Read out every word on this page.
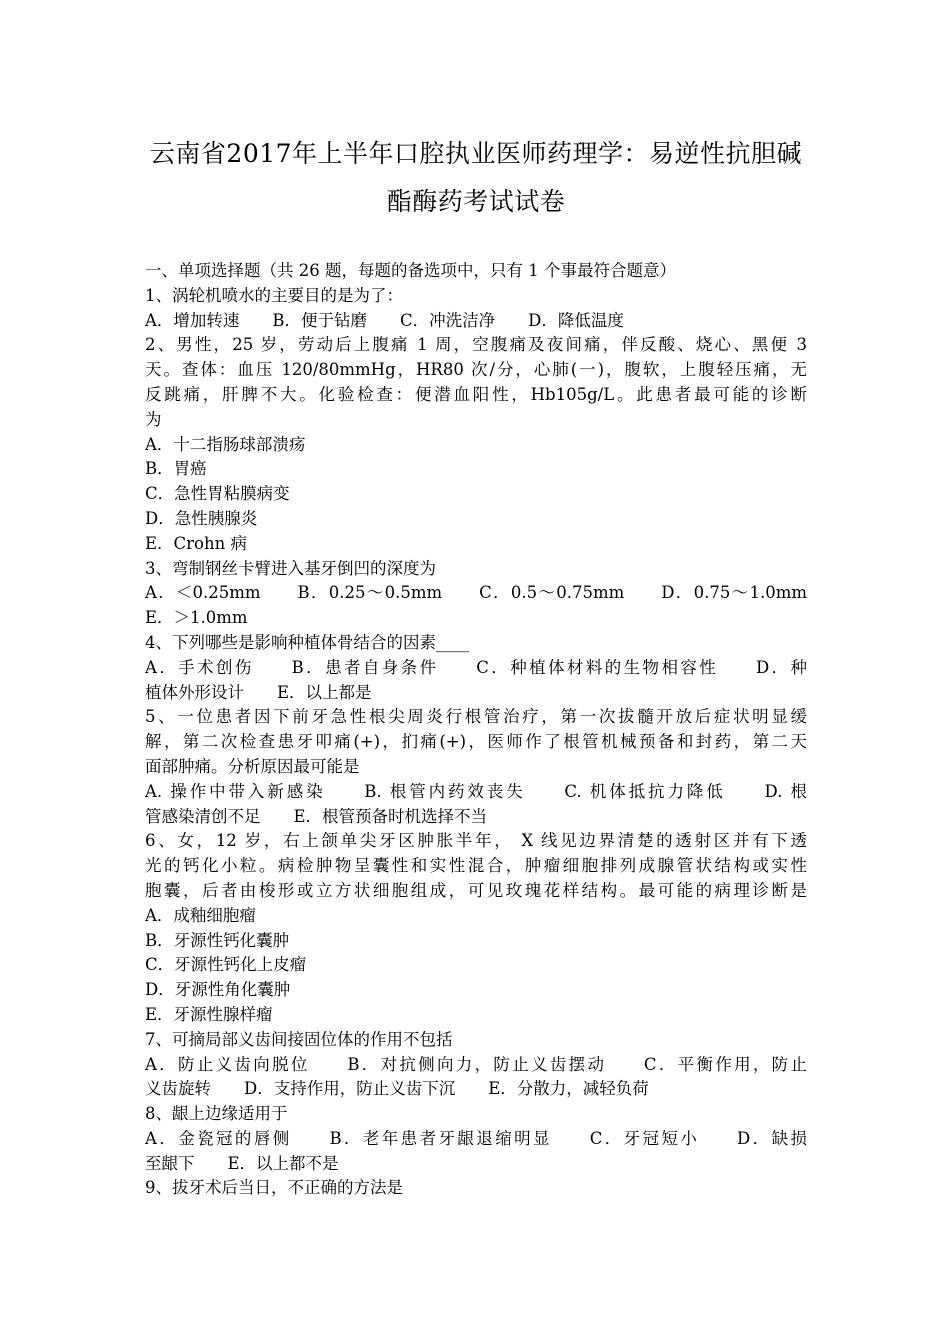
云南省2017年上半年口腔执业医师药理学：易逆性抗胆碱
酯酶药考试试卷
一、单项选择题（共 26 题，每题的备选项中，只有 1 个事最符合题意）
1、涡轮机喷水的主要目的是为了：
A．增加转速　　B．便于钻磨　　C．冲洗洁净　　D．降低温度
2、男性，25 岁，劳动后上腹痛 1 周，空腹痛及夜间痛，伴反酸、烧心、黑便 3
天。查体：血压 120/80mmHg，HR80 次/分，心肺(一)，腹软，上腹轻压痛，无
反跳痛，肝脾不大。化验检查：便潜血阳性，Hb105g/L。此患者最可能的诊断
为
A．十二指肠球部溃疡
B．胃癌
C．急性胃粘膜病变
D．急性胰腺炎
E．Crohn 病
3、弯制钢丝卡臂进入基牙倒凹的深度为
A．＜0.25mm　　B．0.25～0.5mm　　C．0.5～0.75mm　　D．0.75～1.0mm
E．＞1.0mm
4、下列哪些是影响种植体骨结合的因素____
A．手术创伤　　B．患者自身条件　　C．种植体材料的生物相容性　　D．种
植体外形设计　　E．以上都是
5、一位患者因下前牙急性根尖周炎行根管治疗，第一次拔髓开放后症状明显缓
解，第二次检查患牙叩痛(+)，扪痛(+)，医师作了根管机械预备和封药，第二天
面部肿痛。分析原因最可能是
A. 操作中带入新感染　　B. 根管内药效丧失　　C. 机体抵抗力降低　　D. 根
管感染清创不足　　E．根管预备时机选择不当
6、女，12 岁，右上颌单尖牙区肿胀半年， X 线见边界清楚的透射区并有下透
光的钙化小粒。病检肿物呈囊性和实性混合，肿瘤细胞排列成腺管状结构或实性
胞囊，后者由梭形或立方状细胞组成，可见玫瑰花样结构。最可能的病理诊断是
A．成釉细胞瘤
B．牙源性钙化囊肿
C．牙源性钙化上皮瘤
D．牙源性角化囊肿
E．牙源性腺样瘤
7、可摘局部义齿间接固位体的作用不包括
A．防止义齿向脱位　　B．对抗侧向力，防止义齿摆动　　C．平衡作用，防止
义齿旋转　　D．支持作用，防止义齿下沉　　E．分散力，减轻负荷
8、龈上边缘适用于
A．金瓷冠的唇侧　　B．老年患者牙龈退缩明显　　C．牙冠短小　　D．缺损
至龈下　　E．以上都不是
9、拔牙术后当日，不正确的方法是
